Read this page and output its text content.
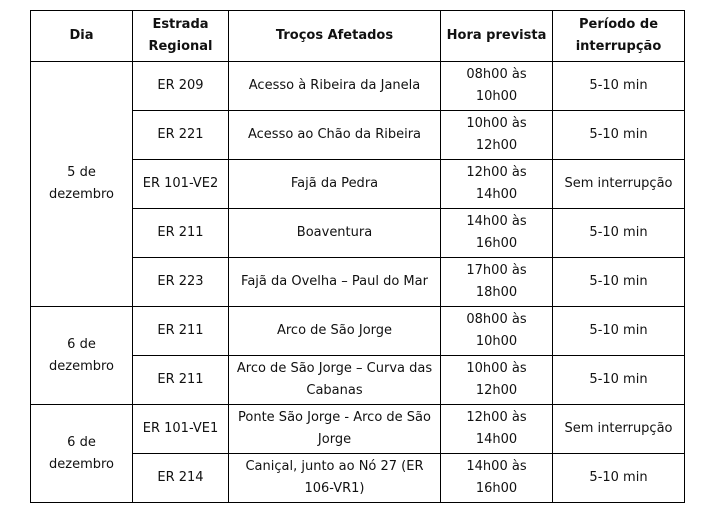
Dia	Estrada Regional	Troços Afetados	Hora prevista	Período de interrupção
5 de dezembro	ER 209	Acesso à Ribeira da Janela	08h00 às 10h00	5-10 min
	ER 221	Acesso ao Chão da Ribeira	10h00 às 12h00	5-10 min
	ER 101-VE2	Fajã da Pedra	12h00 às 14h00	Sem interrupção
	ER 211	Boaventura	14h00 às 16h00	5-10 min
	ER 223	Fajã da Ovelha – Paul do Mar	17h00 às 18h00	5-10 min
6 de dezembro	ER 211	Arco de São Jorge	08h00 às 10h00	5-10 min
	ER 211	Arco de São Jorge – Curva das Cabanas	10h00 às 12h00	5-10 min
6 de dezembro	ER 101-VE1	Ponte São Jorge - Arco de São Jorge	12h00 às 14h00	Sem interrupção
	ER 214	Caniçal, junto ao Nó 27 (ER 106-VR1)	14h00 às 16h00	5-10 min
